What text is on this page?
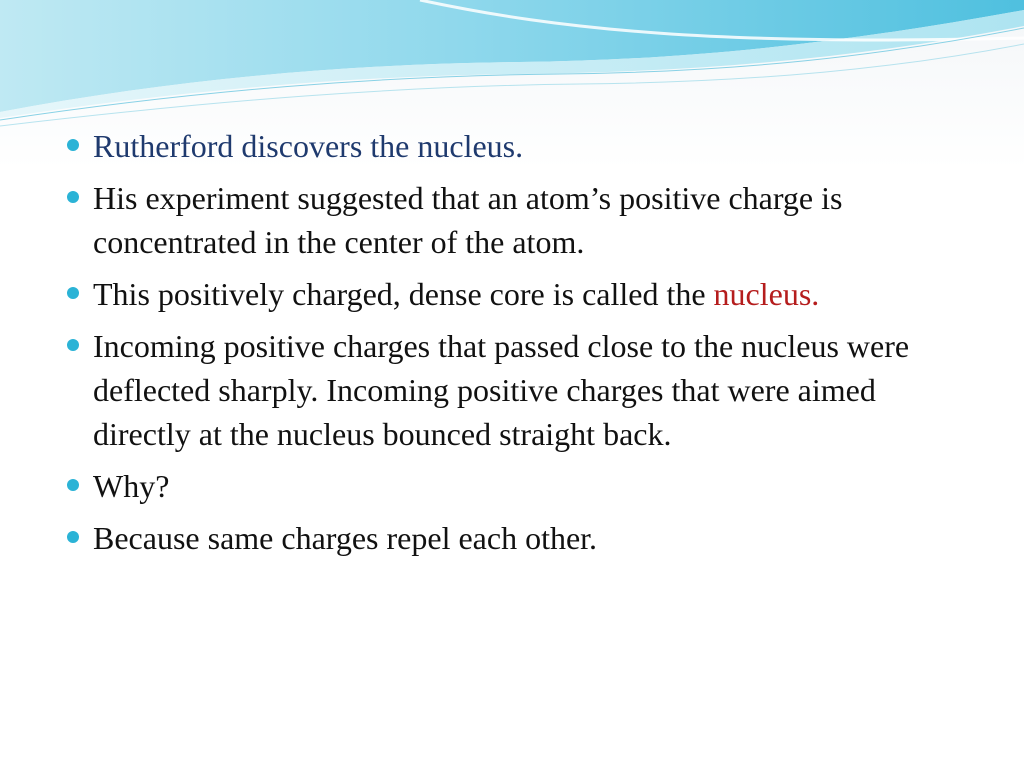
Rutherford discovers the nucleus.
His experiment suggested that an atom’s positive charge is concentrated in the center of the atom.
This positively charged, dense core is called the nucleus.
Incoming positive charges that passed close to the nucleus were deflected sharply. Incoming positive charges that were aimed directly at the nucleus bounced straight back.
Why?
Because same charges repel each other.
